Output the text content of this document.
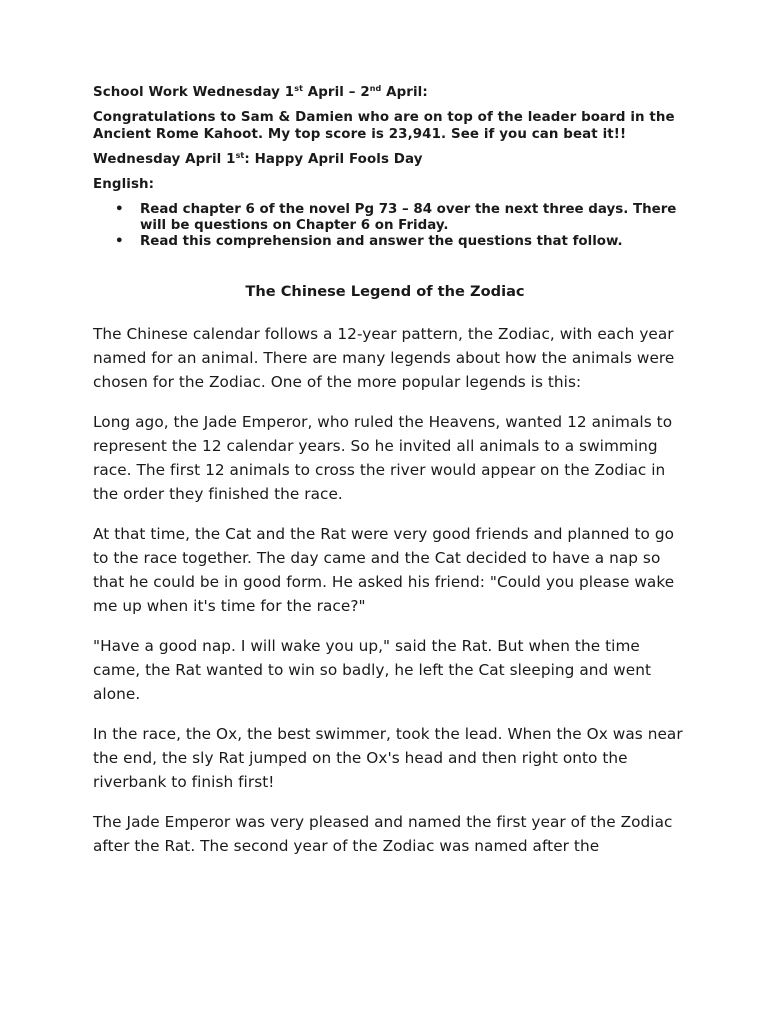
School Work Wednesday 1st April – 2nd April:

Congratulations to Sam & Damien who are on top of the leader board in the Ancient Rome Kahoot. My top score is 23,941. See if you can beat it!!

Wednesday April 1st: Happy April Fools Day

English:

• Read chapter 6 of the novel Pg 73 – 84 over the next three days. There will be questions on Chapter 6 on Friday.
• Read this comprehension and answer the questions that follow.
The Chinese Legend of the Zodiac

The Chinese calendar follows a 12-year pattern, the Zodiac, with each year named for an animal. There are many legends about how the animals were chosen for the Zodiac. One of the more popular legends is this:

Long ago, the Jade Emperor, who ruled the Heavens, wanted 12 animals to represent the 12 calendar years. So he invited all animals to a swimming race. The first 12 animals to cross the river would appear on the Zodiac in the order they finished the race.

At that time, the Cat and the Rat were very good friends and planned to go to the race together. The day came and the Cat decided to have a nap so that he could be in good form. He asked his friend: "Could you please wake me up when it's time for the race?"

"Have a good nap. I will wake you up," said the Rat. But when the time came, the Rat wanted to win so badly, he left the Cat sleeping and went alone.

In the race, the Ox, the best swimmer, took the lead. When the Ox was near the end, the sly Rat jumped on the Ox's head and then right onto the riverbank to finish first!

The Jade Emperor was very pleased and named the first year of the Zodiac after the Rat. The second year of the Zodiac was named after the
